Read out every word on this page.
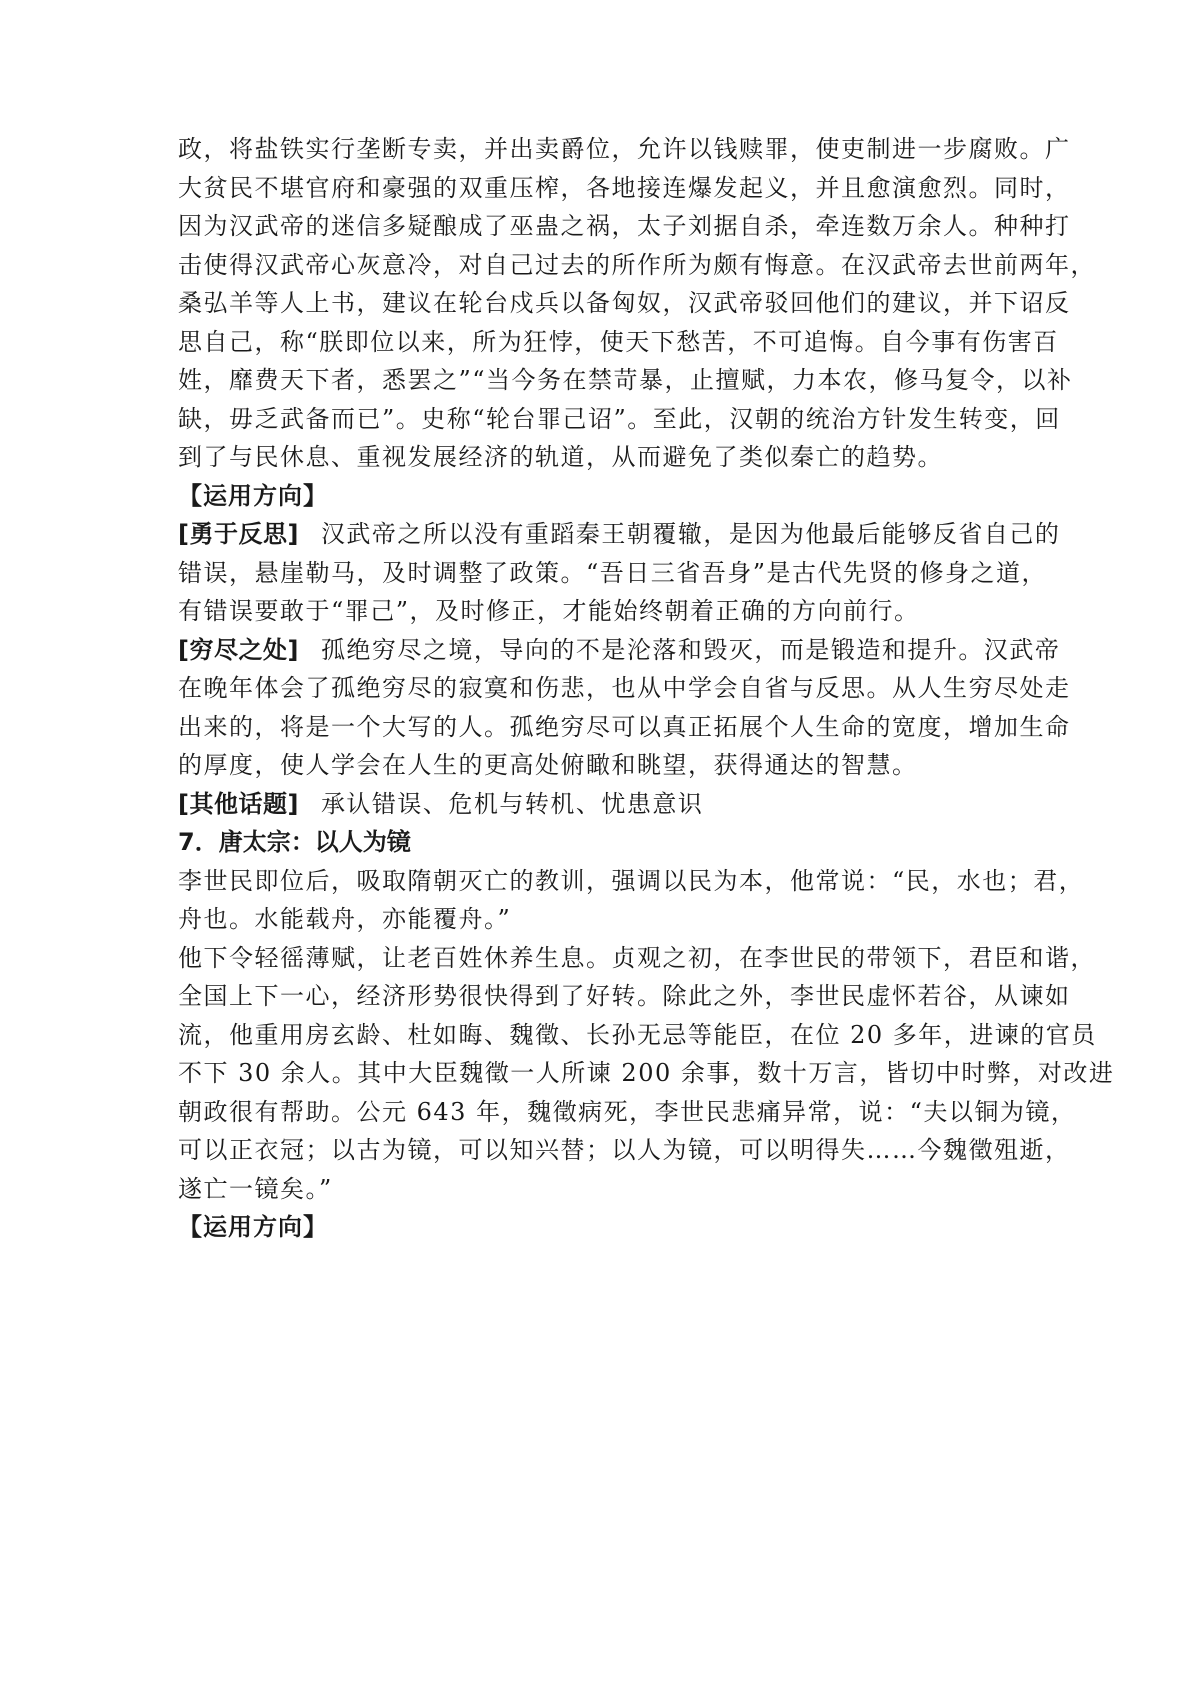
政，将盐铁实行垄断专卖，并出卖爵位，允许以钱赎罪，使吏制进一步腐败。广
大贫民不堪官府和豪强的双重压榨，各地接连爆发起义，并且愈演愈烈。同时，
因为汉武帝的迷信多疑酿成了巫蛊之祸，太子刘据自杀，牵连数万余人。种种打
击使得汉武帝心灰意冷，对自己过去的所作所为颇有悔意。在汉武帝去世前两年，
桑弘羊等人上书，建议在轮台戍兵以备匈奴，汉武帝驳回他们的建议，并下诏反
思自己，称“朕即位以来，所为狂悖，使天下愁苦，不可追悔。自今事有伤害百
姓，靡费天下者，悉罢之”“当今务在禁苛暴，止擅赋，力本农，修马复令，以补
缺，毋乏武备而已”。史称“轮台罪己诏”。至此，汉朝的统治方针发生转变，回
到了与民休息、重视发展经济的轨道，从而避免了类似秦亡的趋势。
【运用方向】
[勇于反思] 汉武帝之所以没有重蹈秦王朝覆辙，是因为他最后能够反省自己的
错误，悬崖勒马，及时调整了政策。“吾日三省吾身”是古代先贤的修身之道，
有错误要敢于“罪己”，及时修正，才能始终朝着正确的方向前行。
[穷尽之处] 孤绝穷尽之境，导向的不是沦落和毁灭，而是锻造和提升。汉武帝
在晚年体会了孤绝穷尽的寂寞和伤悲，也从中学会自省与反思。从人生穷尽处走
出来的，将是一个大写的人。孤绝穷尽可以真正拓展个人生命的宽度，增加生命
的厚度，使人学会在人生的更高处俯瞰和眺望，获得通达的智慧。
[其他话题] 承认错误、危机与转机、忧患意识
7．唐太宗：以人为镜
李世民即位后，吸取隋朝灭亡的教训，强调以民为本，他常说：“民，水也；君，
舟也。水能载舟，亦能覆舟。”
他下令轻徭薄赋，让老百姓休养生息。贞观之初，在李世民的带领下，君臣和谐，
全国上下一心，经济形势很快得到了好转。除此之外，李世民虚怀若谷，从谏如
流，他重用房玄龄、杜如晦、魏徵、长孙无忌等能臣，在位 20 多年，进谏的官员
不下 30 余人。其中大臣魏徵一人所谏 200 余事，数十万言，皆切中时弊，对改进
朝政很有帮助。公元 643 年，魏徵病死，李世民悲痛异常，说：“夫以铜为镜，
可以正衣冠；以古为镜，可以知兴替；以人为镜，可以明得失……今魏徵殂逝，
遂亡一镜矣。”
【运用方向】
